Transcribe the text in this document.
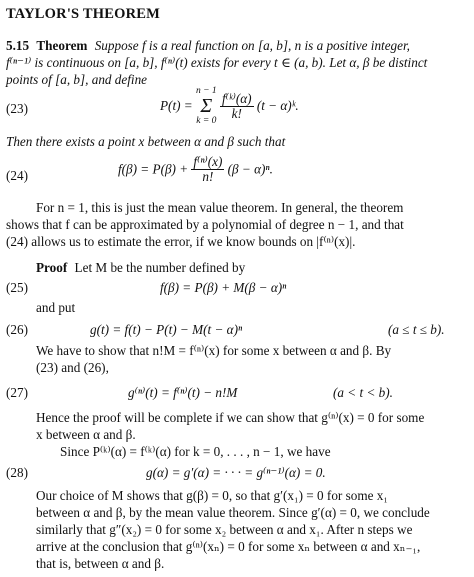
TAYLOR'S THEOREM
5.15 Theorem Suppose f is a real function on [a, b], n is a positive integer,
f⁽ⁿ⁻¹⁾ is continuous on [a, b], f⁽ⁿ⁾(t) exists for every t ∈ (a, b). Let α, β be distinct
points of [a, b], and define
(23)	P(t) =
n − 1
Σ
k = 0

$\frac{\text{f⁽ᵏ⁾(α)}}{k!} (t$ − α)ᵏ.
Then there exists a point x between α and β such that
(24)	$f(\beta) = P(\beta) + \frac{\text{f⁽ⁿ⁾(x)}}{n!} (\beta - \alpha)^n$.
For n = 1, this is just the mean value theorem. In general, the theorem
shows that f can be approximated by a polynomial of degree n − 1, and that
(24) allows us to estimate the error, if we know bounds on |f⁽ⁿ⁾(x)|.
Proof Let M be the number defined by
(25)	f(β) = P(β) + M(β − α)ⁿ
and put
(26)	g(t) = f(t) − P(t) − M(t − α)ⁿ	(a ≤ t ≤ b).
We have to show that n!M = f⁽ⁿ⁾(x) for some x between α and β. By
(23) and (26),
(27)	g⁽ⁿ⁾(t) = f⁽ⁿ⁾(t) − n!M	(a < t < b).
Hence the proof will be complete if we can show that g⁽ⁿ⁾(x) = 0 for some
x between α and β.
Since P⁽ᵏ⁾(α) = f⁽ᵏ⁾(α) for k = 0, . . . , n − 1, we have
(28)	g(α) = g′(α) = · · · = g⁽ⁿ⁻¹⁾(α) = 0.
Our choice of M shows that g(β) = 0, so that g′(x₁) = 0 for some x₁
between α and β, by the mean value theorem. Since g′(α) = 0, we conclude
similarly that g″(x₂) = 0 for some x₂ between α and x₁. After n steps we
arrive at the conclusion that g⁽ⁿ⁾(xₙ) = 0 for some xₙ between α and xₙ₋₁,
that is, between α and β.
